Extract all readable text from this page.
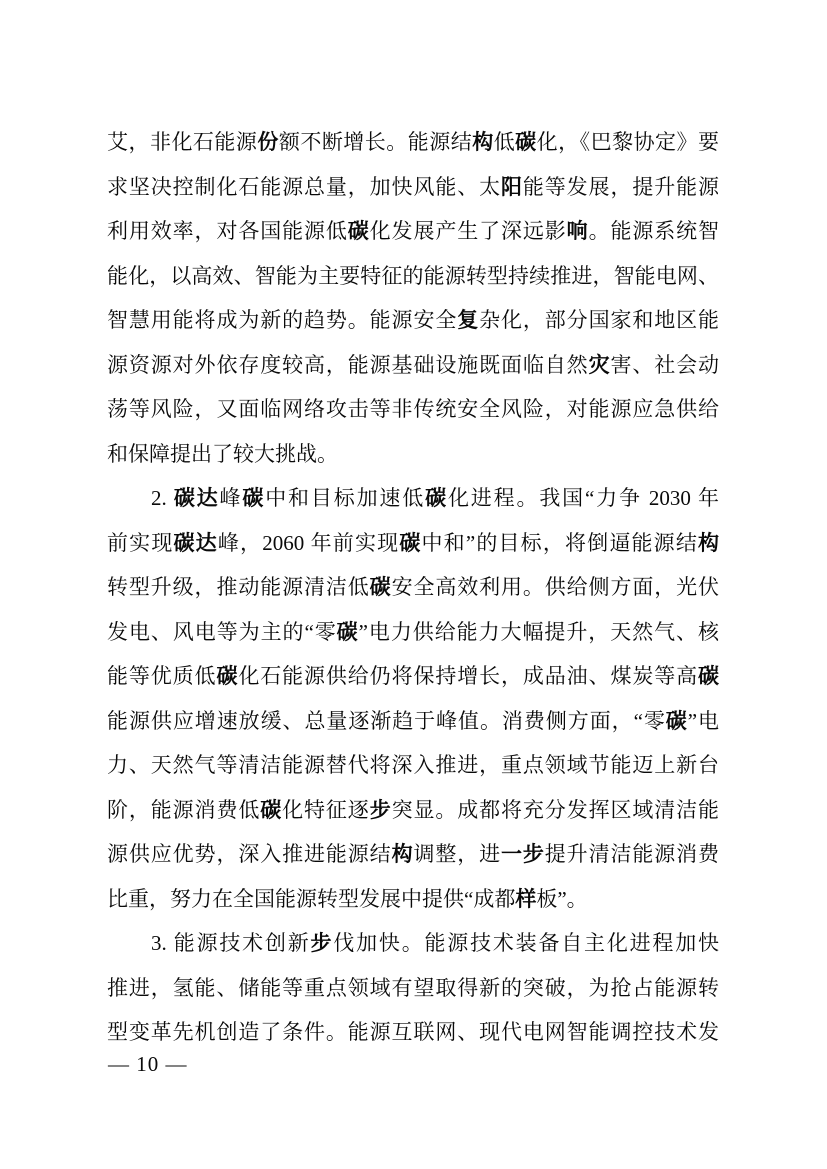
艾，非化石能源份额不断增长。能源结构低碳化，《巴黎协定》要
求坚决控制化石能源总量，加快风能、太阳能等发展，提升能源
利用效率，对各国能源低碳化发展产生了深远影响。能源系统智
能化，以高效、智能为主要特征的能源转型持续推进，智能电网、
智慧用能将成为新的趋势。能源安全复杂化，部分国家和地区能
源资源对外依存度较高，能源基础设施既面临自然灾害、社会动
荡等风险，又面临网络攻击等非传统安全风险，对能源应急供给
和保障提出了较大挑战。
2. 碳达峰碳中和目标加速低碳化进程。我国“力争 2030 年
前实现碳达峰，2060 年前实现碳中和”的目标，将倒逼能源结构
转型升级，推动能源清洁低碳安全高效利用。供给侧方面，光伏
发电、风电等为主的“零碳”电力供给能力大幅提升，天然气、核
能等优质低碳化石能源供给仍将保持增长，成品油、煤炭等高碳
能源供应增速放缓、总量逐渐趋于峰值。消费侧方面，“零碳”电
力、天然气等清洁能源替代将深入推进，重点领域节能迈上新台
阶，能源消费低碳化特征逐步突显。成都将充分发挥区域清洁能
源供应优势，深入推进能源结构调整，进一步提升清洁能源消费
比重，努力在全国能源转型发展中提供“成都样板”。
3. 能源技术创新步伐加快。能源技术装备自主化进程加快
推进，氢能、储能等重点领域有望取得新的突破，为抢占能源转
型变革先机创造了条件。能源互联网、现代电网智能调控技术发
— 10 —
